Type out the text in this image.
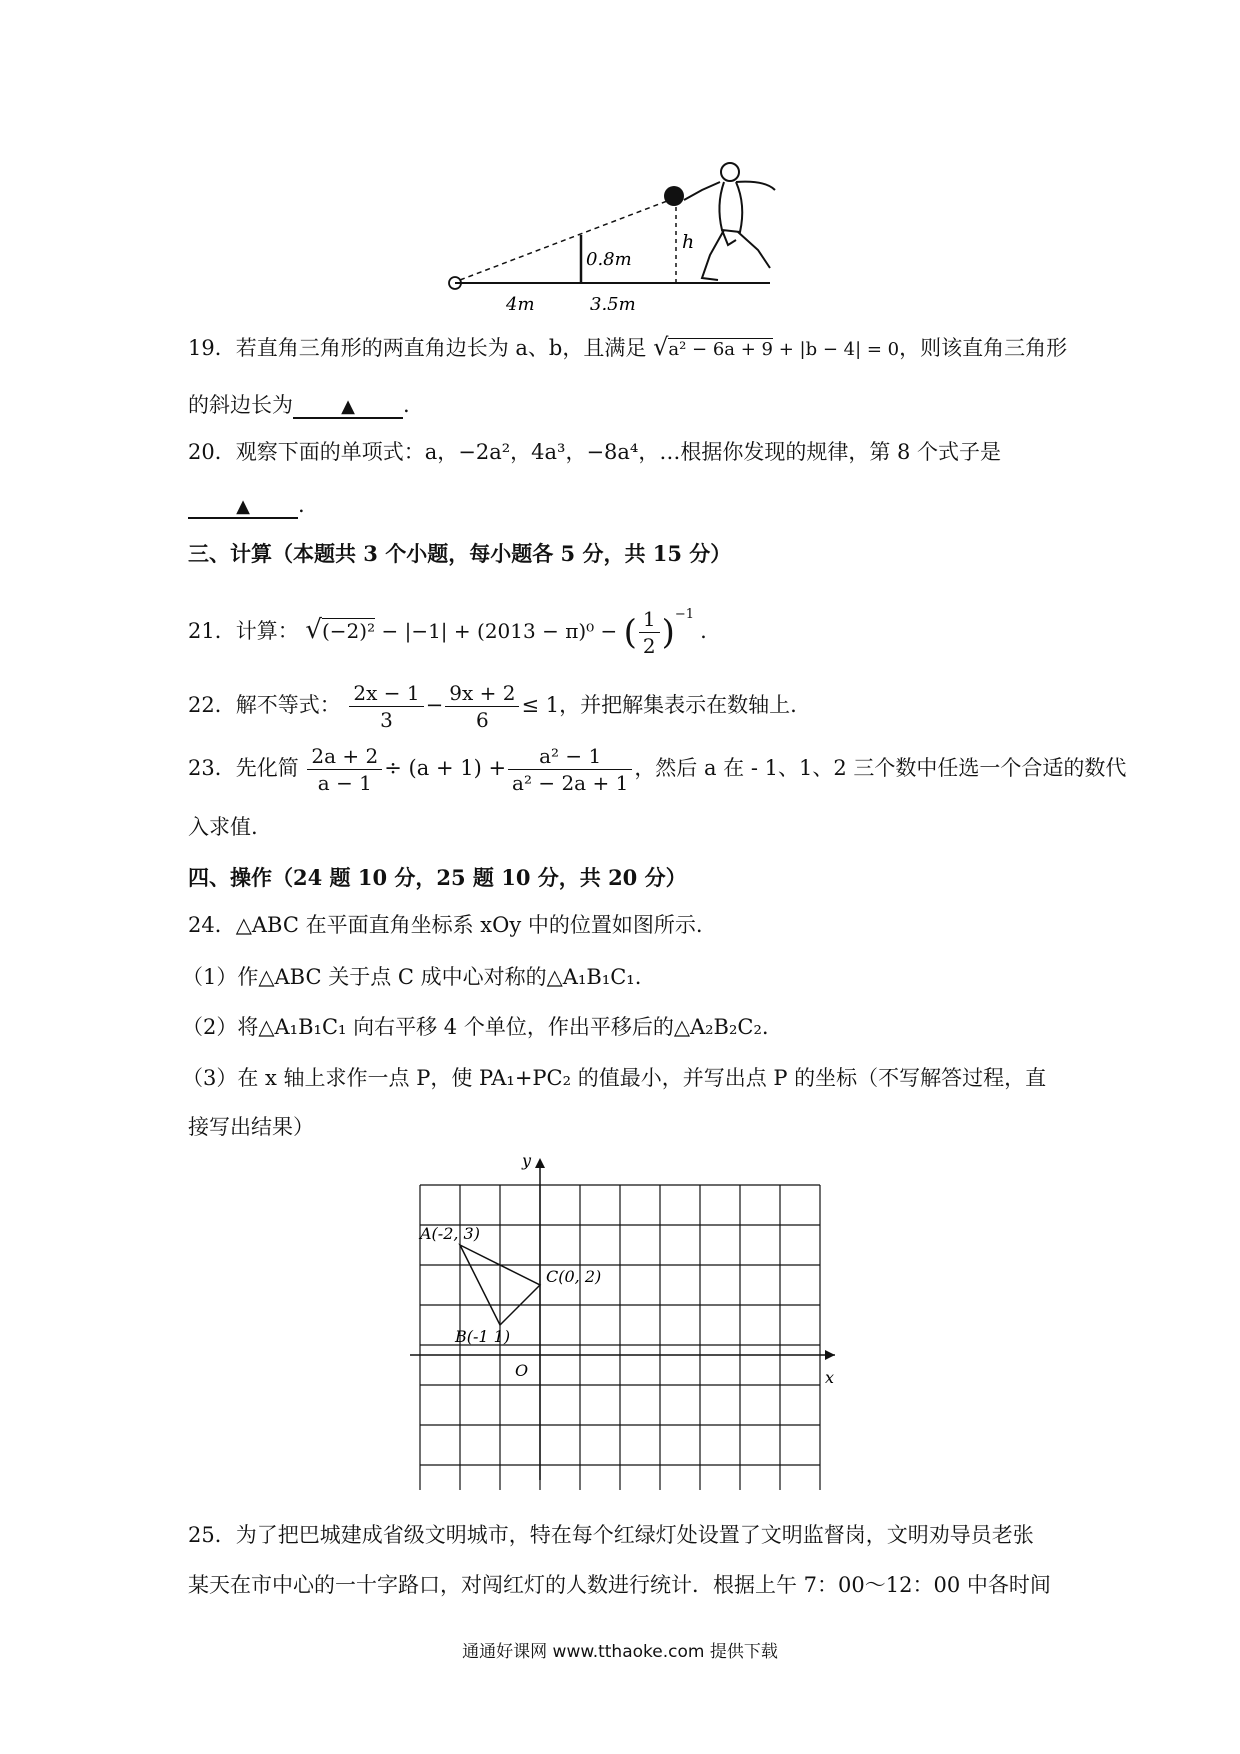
0.8m
h
4m	3.5m
19．若直角三角形的两直角边长为 a、b，且满足 √a² − 6a + 9 + |b − 4| = 0，则该直角三角形
的斜边长为	▲ .
20．观察下面的单项式：a，−2a²，4a³，−8a⁴，…根据你发现的规律，第 8 个式子是
▲ .
三、计算（本题共 3 个小题，每小题各 5 分，共 15 分）
21．计算： √(−2)² − |−1| + (2013 − π)⁰ − ( $\frac{1}{2} )^{-1}$.
22．解不等式： $\frac{2x - 1}{3} - \frac{9x + 2}{6} \le 1$，并把解集表示在数轴上.
23．先化简 $\frac{2a + 2}{a - 1} \div (a + 1) + \frac{\text{a² − 1}}{\text{a² − 2a + 1}}$ ，然后 a 在 - 1、1、2 三个数中任选一个合适的数代
入求值.
四、操作（24 题 10 分，25 题 10 分，共 20 分）
24．△ABC 在平面直角坐标系 xOy 中的位置如图所示.
（1）作△ABC 关于点 C 成中心对称的△A₁B₁C₁.
（2）将△A₁B₁C₁ 向右平移 4 个单位，作出平移后的△A₂B₂C₂.
（3）在 x 轴上求作一点 P，使 PA₁+PC₂ 的值最小，并写出点 P 的坐标（不写解答过程，直
接写出结果）
A(-2, 3)
B(-1 1)
C(0, 2)
O	x
y
25．为了把巴城建成省级文明城市，特在每个红绿灯处设置了文明监督岗，文明劝导员老张
某天在市中心的一十字路口，对闯红灯的人数进行统计．根据上午 7：00～12：00 中各时间
通通好课网 www.tthaoke.com 提供下载
